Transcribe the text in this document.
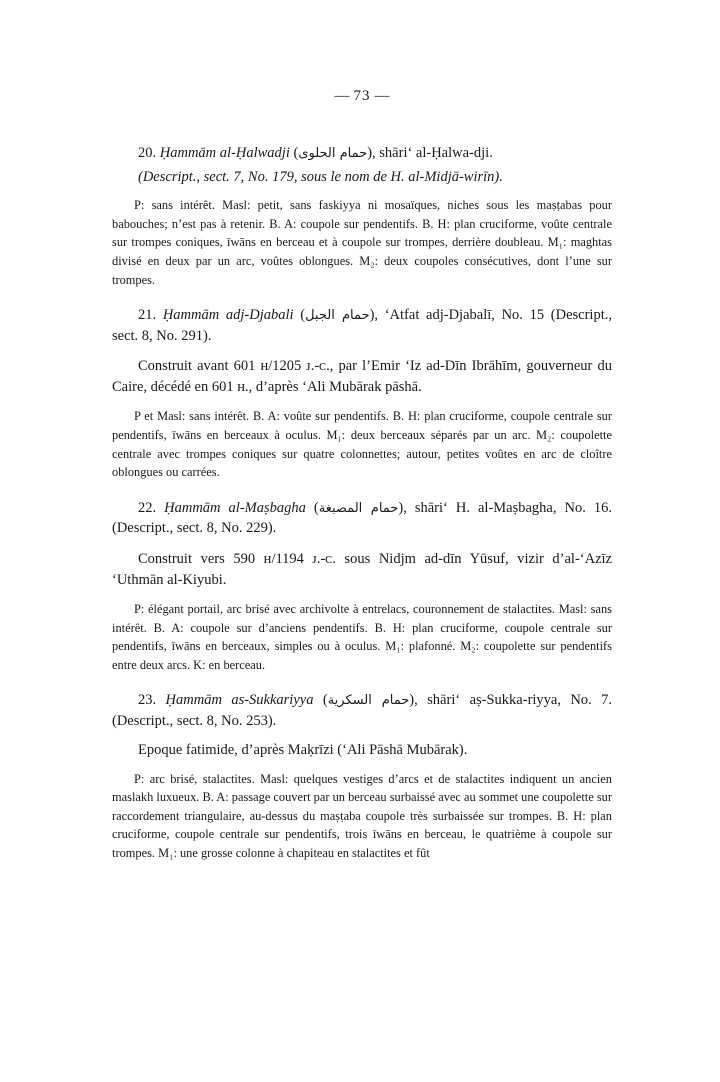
— 73 —

20. Ḥammām al-Ḥalwadji (حمام الحلوى), shāri‘ al-Ḥalwa-dji.

(Descript., sect. 7, No. 179, sous le nom de H. al-Midjā-wirīn).

P: sans intérêt. Masl: petit, sans faskiyya ni mosaïques, niches sous les maṣṭabas pour babouches; n’est pas à retenir. B. A: coupole sur pendentifs. B. H: plan cruciforme, voûte centrale sur trompes coniques, īwāns en berceau et à coupole sur trompes, derrière doubleau. M₁: maghtas divisé en deux par un arc, voûtes oblongues. M₂: deux coupoles consécutives, dont l’une sur trompes.

21. Ḥammām adj-Djabali (حمام الجبل), ‘Atfat adj-Djabalī, No. 15 (Descript., sect. 8, No. 291).

Construit avant 601 ʜ/1205 ᴊ.-ᴄ., par l’Emir ‘Iz ad-Dīn Ibrāhīm, gouverneur du Caire, décédé en 601 ʜ., d’après ‘Ali Mubārak pāshā.

P et Masl: sans intérêt. B. A: voûte sur pendentifs. B. H: plan cruciforme, coupole centrale sur pendentifs, īwāns en berceaux à oculus. M₁: deux berceaux séparés par un arc. M₂: coupolette centrale avec trompes coniques sur quatre colonnettes; autour, petites voûtes en arc de cloître oblongues ou carrées.

22. Ḥammām al-Maṣbagha (حمام المصبغة), shāri‘ H. al-Maṣbagha, No. 16. (Descript., sect. 8, No. 229).

Construit vers 590 ʜ/1194 ᴊ.-ᴄ. sous Nidjm ad-dīn Yūsuf, vizir d’al-‘Azīz ‘Uthmān al-Kiyubi.

P: élégant portail, arc brisé avec archivolte à entrelacs, couronnement de stalactites. Masl: sans intérêt. B. A: coupole sur d’anciens pendentifs. B. H: plan cruciforme, coupole centrale sur pendentifs, īwāns en berceaux, simples ou à oculus. M₁: plafonné. M₂: coupolette sur pendentifs entre deux arcs. K: en berceau.

23. Ḥammām as-Sukkariyya (حمام السكرية), shāri‘ aṣ-Sukka-riyya, No. 7. (Descript., sect. 8, No. 253).

Epoque fatimide, d’après Maḳrīzi (‘Ali Pāshā Mubārak).

P: arc brisé, stalactites. Masl: quelques vestiges d’arcs et de stalactites indiquent un ancien maslakh luxueux. B. A: passage couvert par un berceau surbaissé avec au sommet une coupolette sur raccordement triangulaire, au-dessus du maṣṭaba coupole très surbaissée sur trompes. B. H: plan cruciforme, coupole centrale sur pendentifs, trois īwāns en berceau, le quatrième à coupole sur trompes. M₁: une grosse colonne à chapiteau en stalactites et fût
